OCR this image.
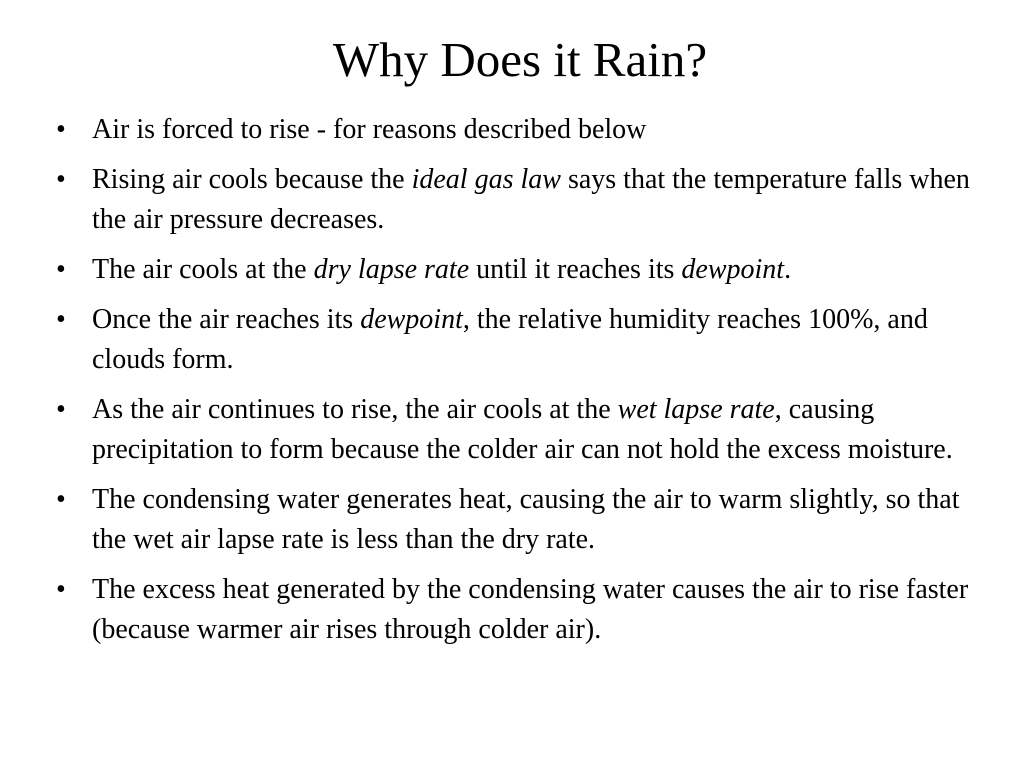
Why Does it Rain?
• Air is forced to rise - for reasons described below
• Rising air cools because the ideal gas law says that the temperature falls when the air pressure decreases.
• The air cools at the dry lapse rate until it reaches its dewpoint.
• Once the air reaches its dewpoint, the relative humidity reaches 100%, and clouds form.
• As the air continues to rise, the air cools at the wet lapse rate, causing precipitation to form because the colder air can not hold the excess moisture.
• The condensing water generates heat, causing the air to warm slightly, so that the wet air lapse rate is less than the dry rate.
• The excess heat generated by the condensing water causes the air to rise faster (because warmer air rises through colder air).
